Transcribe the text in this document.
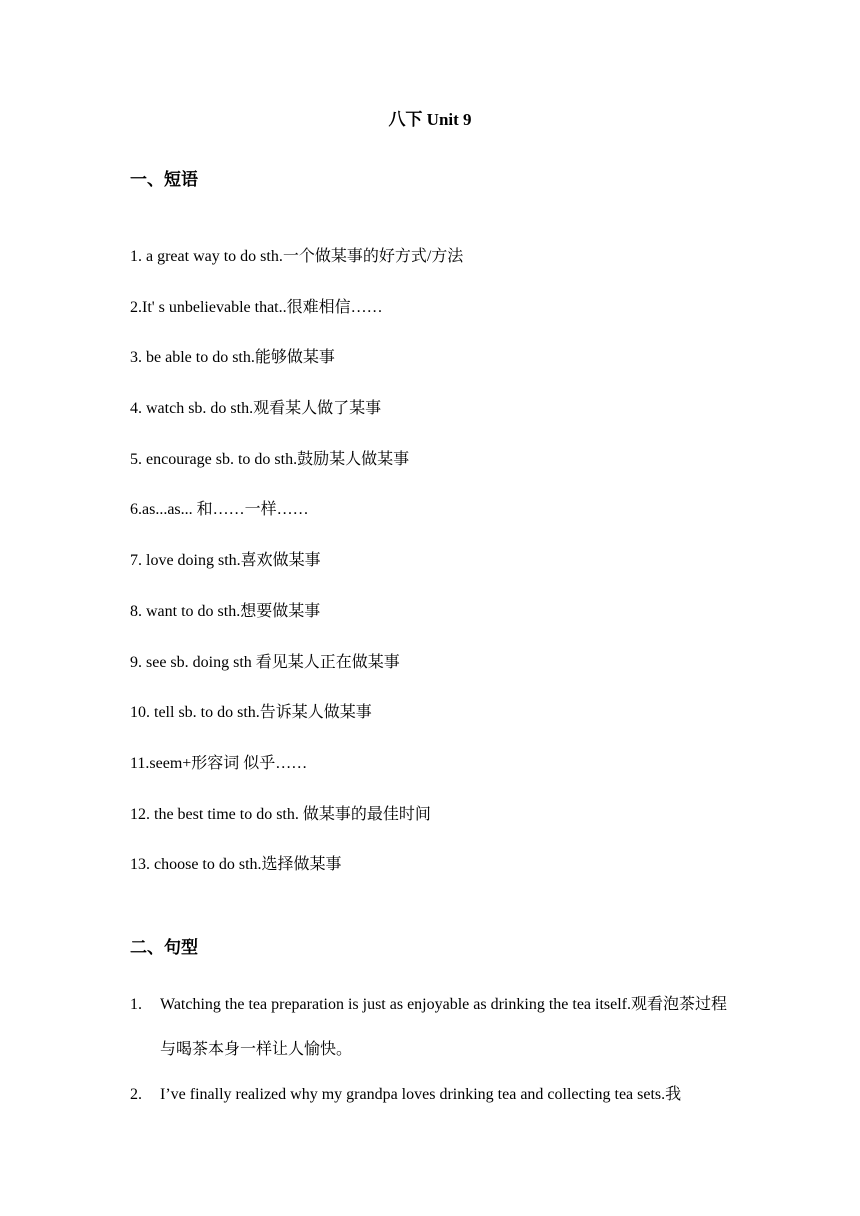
八下 Unit 9
一、短语
1. a great way to do sth.一个做某事的好方式/方法
2.It' s unbelievable that..很难相信……
3. be able to do sth.能够做某事
4. watch sb. do sth.观看某人做了某事
5. encourage sb. to do sth.鼓励某人做某事
6.as...as... 和……一样……
7. love doing sth.喜欢做某事
8. want to do sth.想要做某事
9. see sb. doing sth 看见某人正在做某事
10. tell sb. to do sth.告诉某人做某事
11.seem+形容词 似乎……
12. the best time to do sth. 做某事的最佳时间
13. choose to do sth.选择做某事
二、句型
1.	Watching the tea preparation is just as enjoyable as drinking the tea itself.观看泡茶过程与喝茶本身一样让人愉快。
2.	I’ve finally realized why my grandpa loves drinking tea and collecting tea sets.我
